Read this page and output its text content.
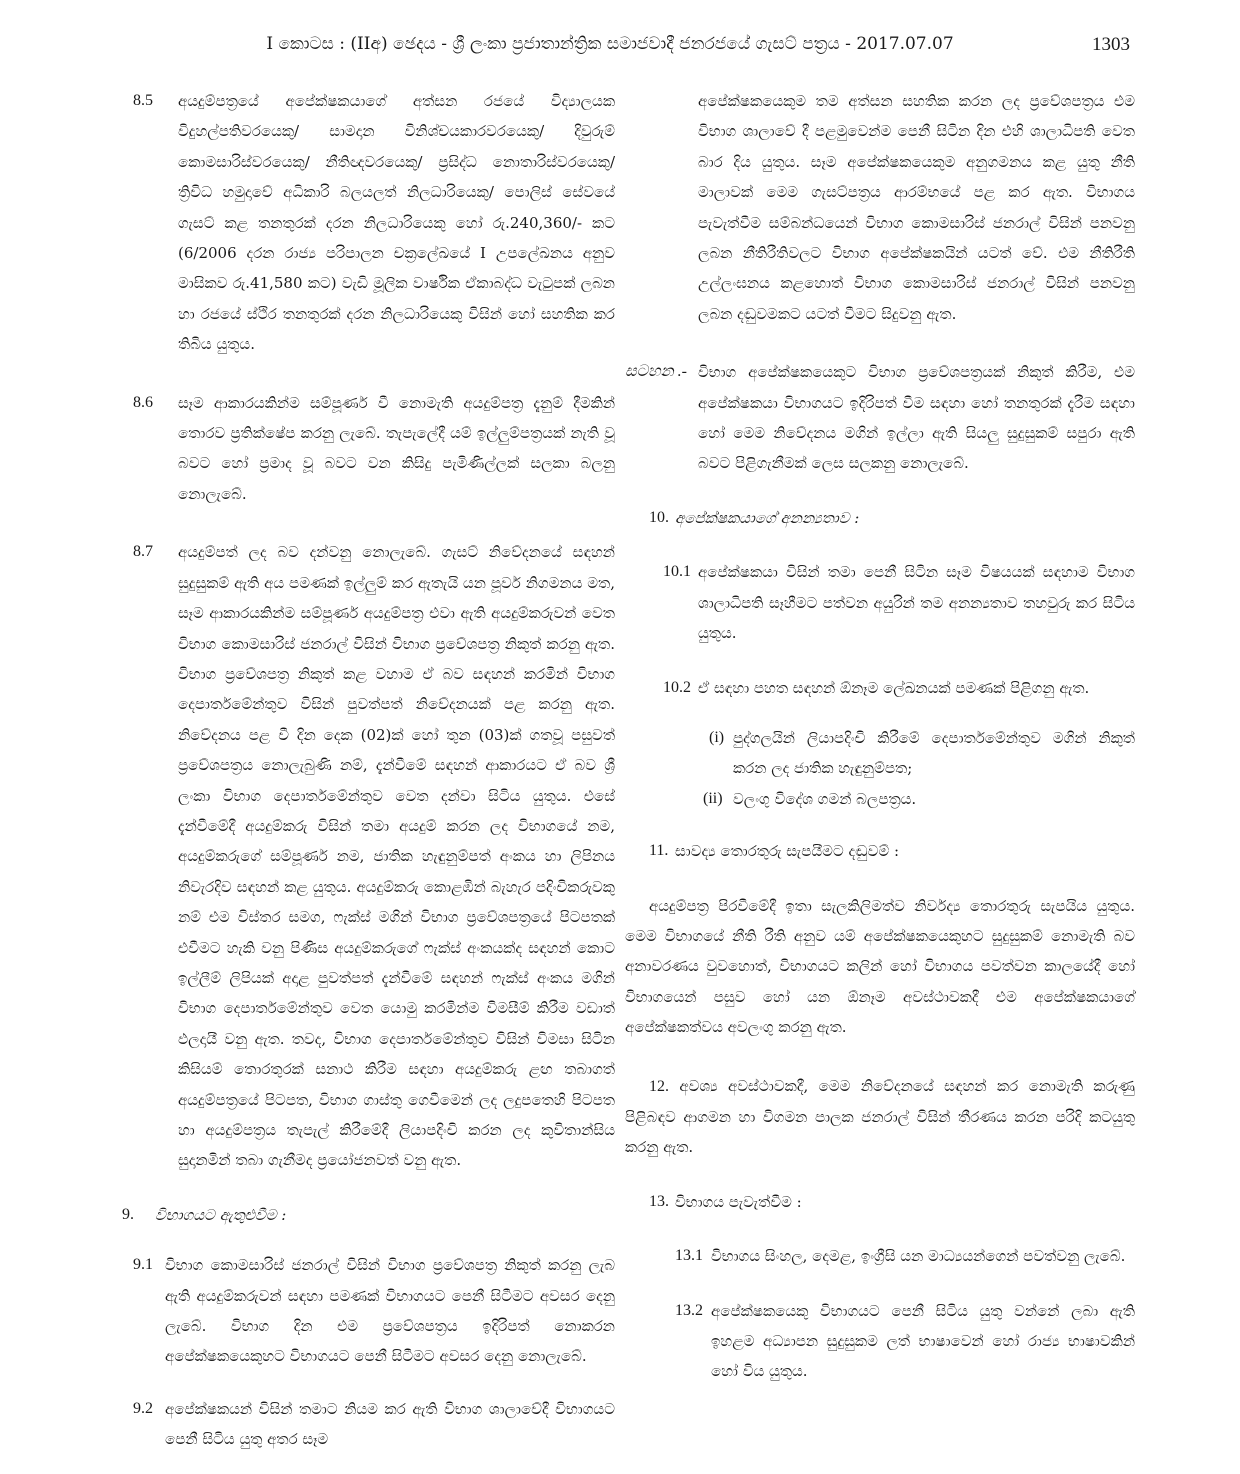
I කොටස : (IIඅ) ඡෙදය - ශ්‍රී ලංකා ප්‍රජාතාන්ත්‍රික සමාජවාදී ජනරජයේ ගැසට් පත්‍රය - 2017.07.07	1303
8.5 අයදුම්පත්‍රයේ අපේක්ෂකයාගේ අත්සන රජයේ විද්‍යාලයක විදුහල්පතිවරයෙකු/ සාමදාන විනිශ්චයකාරවරයෙකු/ දිවුරුම් කොමසාරිස්වරයෙකු/ නීතිඥවරයෙකු/ ප්‍රසිද්ධ නොතාරිස්වරයෙකු/ ත්‍රිවිධ හමුදාවේ අධිකාරි බලයලත් නිලධාරියෙකු/ පොලිස් සේවයේ ගැසට් කළ තනතුරක් දරන නිලධාරියෙකු හෝ රු.240,360/- කට (6/2006 දරන රාජ්‍ය පරිපාලන චක්‍රලේඛයේ I උපලේඛනය අනුව මාසිකව රු.41,580 කට) වැඩි මූලික වාර්ෂික ඒකාබද්ධ වැටුපක් ලබන හා රජයේ ස්ථිර තනතුරක් දරන නිලධාරියෙකු විසින් හෝ සහතික කර තිබිය යුතුය.
8.6 සෑම ආකාරයකින්ම සම්පූර්ණ වී නොමැති අයදුම්පත්‍ර දැනුම් දීමකින් තොරව ප්‍රතික්ෂේප කරනු ලැබේ. තැපැලේදී යම් ඉල්ලුම්පත්‍රයක් නැති වූ බවට හෝ ප්‍රමාද වූ බවට වන කිසිදු පැමිණිල්ලක් සලකා බලනු නොලැබේ.
8.7 අයදුම්පත් ලද බව දන්වනු නොලැබේ. ගැසට් නිවේදනයේ සඳහන් සුදුසුකම් ඇති අය පමණක් ඉල්ලුම් කර ඇතැයි යන පූර්ව නිගමනය මත, සෑම ආකාරයකින්ම සම්පූර්ණ අයදුම්පත්‍ර එවා ඇති අයදුම්කරුවන් වෙත විභාග කොමසාරිස් ජනරාල් විසින් විභාග ප්‍රවේශපත්‍ර නිකුත් කරනු ඇත. විභාග ප්‍රවේශපත්‍ර නිකුත් කළ වහාම ඒ බව සඳහන් කරමින් විභාග දෙපාර්තමේන්තුව විසින් පුවත්පත් නිවේදනයක් පළ කරනු ඇත. නිවේදනය පළ වී දින දෙක (02)ක් හෝ තුන (03)ක් ගතවූ පසුවත් ප්‍රවේශපත්‍රය නොලැබුණි නම්, දැන්වීමේ සඳහන් ආකාරයට ඒ බව ශ්‍රී ලංකා විභාග දෙපාර්තමේන්තුව වෙත දන්වා සිටිය යුතුය. එසේ දැන්වීමේදී අයදුම්කරු විසින් තමා අයදුම් කරන ලද විභාගයේ නම, අයදුම්කරුගේ සම්පූර්ණ නම, ජාතික හැඳුනුම්පත් අංකය හා ලිපිනය නිවැරදිව සඳහන් කළ යුතුය. අයදුම්කරු කොළඹින් බැහැර පදිංචිකරුවකු නම් එම විස්තර සමග, ෆැක්ස් මගින් විභාග ප්‍රවේශපත්‍රයේ පිටපතක් එවීමට හැකි වනු පිණිස අයදුම්කරුගේ ෆැක්ස් අංකයක්ද සඳහන් කොට ඉල්ලීම් ලිපියක් අදාළ පුවත්පත් දැන්වීමේ සඳහන් ෆැක්ස් අංකය මගින් විභාග දෙපාර්තමේන්තුව වෙත යොමු කරමින්ම විමසීම් කිරීම වඩාත් ඵලදායී වනු ඇත. තවද, විභාග දෙපාර්තමේන්තුව විසින් විමසා සිටින කිසියම් තොරතුරක් සනාථ කිරීම සඳහා අයදුම්කරු ළඟ තබාගත් අයදුම්පත්‍රයේ පිටපත, විභාග ගාස්තු ගෙවීමෙන් ලද ලදුපතෙහි පිටපත හා අයදුම්පත්‍රය තැපැල් කිරීමේදී ලියාපදිංචි කරන ලද කුවිතාන්සිය සුදානමින් තබා ගැනීමද ප්‍රයෝජනවත් වනු ඇත.
9. විභාගයට ඇතුළුවීම :
9.1 විභාග කොමසාරිස් ජනරාල් විසින් විභාග ප්‍රවේශපත්‍ර නිකුත් කරනු ලැබ ඇති අයදුම්කරුවන් සඳහා පමණක් විභාගයට පෙනී සිටීමට අවසර දෙනු ලැබේ. විභාග දින එම ප්‍රවේශපත්‍රය ඉදිරිපත් නොකරන අපේක්ෂකයෙකුහට විභාගයට පෙනී සිටීමට අවසර දෙනු නොලැබේ.
9.2 අපේක්ෂකයන් විසින් තමාට නියම කර ඇති විභාග ශාලාවේදී විභාගයට පෙනී සිටිය යුතු අතර සෑම
අපේක්ෂකයෙකුම තම අත්සන සහතික කරන ලද ප්‍රවේශපත්‍රය එම විභාග ශාලාවේ දී පළමුවෙන්ම පෙනී සිටින දින එහි ශාලාධිපති වෙත බාර දිය යුතුය. සෑම අපේක්ෂකයෙකුම අනුගමනය කළ යුතු නීති මාලාවක් මෙම ගැසට්පත්‍රය ආරම්භයේ පළ කර ඇත. විභාගය පැවැත්වීම සම්බන්ධයෙන් විභාග කොමසාරිස් ජනරාල් විසින් පනවනු ලබන නීතිරීතිවලට විභාග අපේක්ෂකයින් යටත් වේ. එම නීතිරීති උල්ලංඝනය කළහොත් විභාග කොමසාරිස් ජනරාල් විසින් පනවනු ලබන දඬුවමකට යටත් වීමට සිදුවනු ඇත.
සටහන .- විභාග අපේක්ෂකයෙකුට විභාග ප්‍රවේශපත්‍රයක් නිකුත් කිරීම, එම අපේක්ෂකයා විභාගයට ඉදිරිපත් වීම සඳහා හෝ තනතුරක් දැරීම සඳහා හෝ මෙම නිවේදනය මගින් ඉල්ලා ඇති සියලු සුදුසුකම් සපුරා ඇති බවට පිළිගැනීමක් ලෙස සලකනු නොලැබේ.
10. අපේක්ෂකයාගේ අනන්‍යතාව :
10.1 අපේක්ෂකයා විසින් තමා පෙනී සිටින සෑම විෂයයක් සඳහාම විභාග ශාලාධිපති සෑහීමට පත්වන අයුරින් තම අනන්‍යතාව තහවුරු කර සිටිය යුතුය.
10.2 ඒ සඳහා පහත සඳහන් ඕනෑම ලේඛනයක් පමණක් පිළිගනු ඇත.
(i) පුද්ගලයින් ලියාපදිංචි කිරීමේ දෙපාර්තමේන්තුව මගින් නිකුත් කරන ලද ජාතික හැඳුනුම්පත;
(ii) වලංගු විදේශ ගමන් බලපත්‍රය.
11. සාවද්‍ය තොරතුරු සැපයීමට දඬුවම් :
අයදුම්පත්‍ර පිරවීමේදී ඉතා සැලකිලිමත්ව නිර්වද්‍ය තොරතුරු සැපයිය යුතුය. මෙම විභාගයේ නීති රීති අනුව යම් අපේක්ෂකයෙකුහට සුදුසුකම් නොමැති බව අනාවරණය වුවහොත්, විභාගයට කලින් හෝ විභාගය පවත්වන කාලයේදී හෝ විභාගයෙන් පසුව හෝ යන ඕනෑම අවස්ථාවකදී එම අපේක්ෂකයාගේ අපේක්ෂකත්වය අවලංගු කරනු ඇත.
12. අවශ්‍ය අවස්ථාවකදී, මෙම නිවේදනයේ සඳහන් කර නොමැති කරුණු පිළිබඳව ආගමන හා විගමන පාලක ජනරාල් විසින් තීරණය කරන පරිදි කටයුතු කරනු ඇත.
13. විභාගය පැවැත්වීම :
13.1 විභාගය සිංහල, දෙමළ, ඉංග්‍රීසි යන මාධ්‍යයන්ගෙන් පවත්වනු ලැබේ.
13.2 අපේක්ෂකයෙකු විභාගයට පෙනී සිටිය යුතු වන්නේ ලබා ඇති ඉහළම අධ්‍යාපන සුදුසුකම ලත් භාෂාවෙන් හෝ රාජ්‍ය භාෂාවකින් හෝ විය යුතුය.
